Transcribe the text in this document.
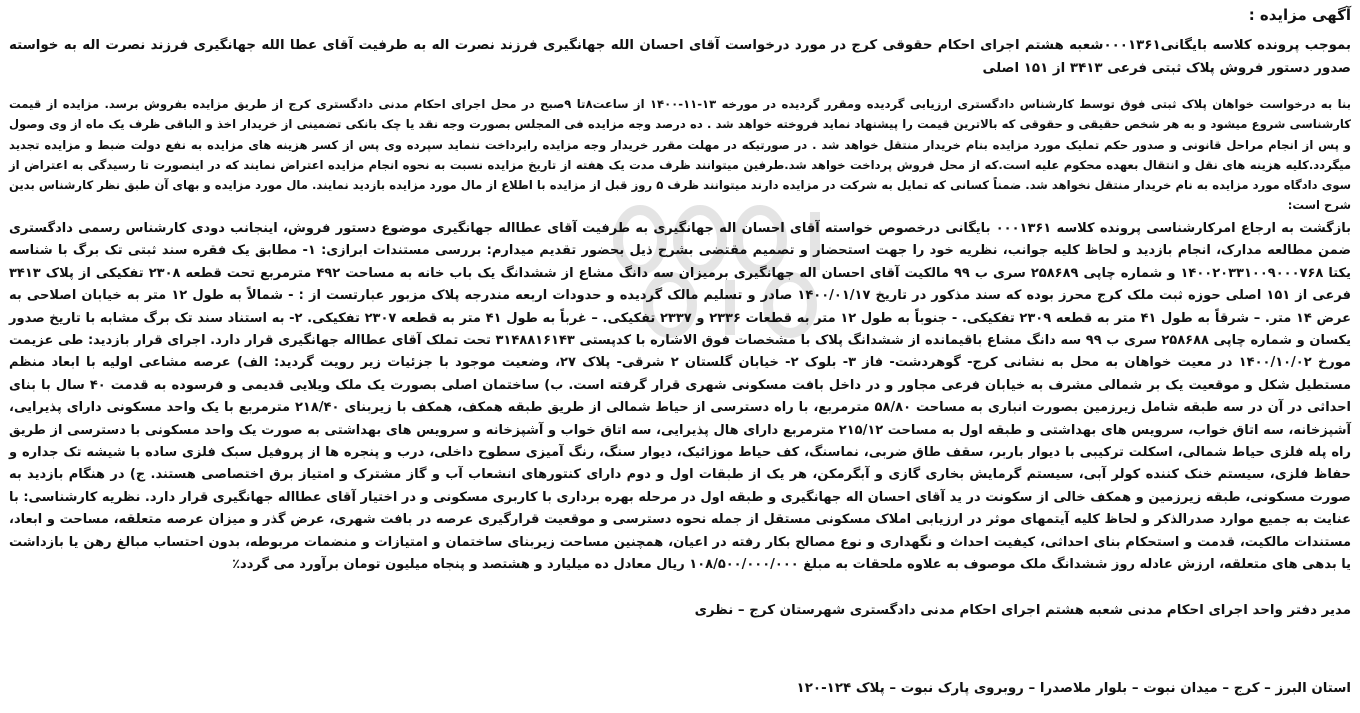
آگهی مزایده :

بموجب پرونده کلاسه بایگانی۰۰۰۱۳۶۱شعبه هشتم اجرای احکام حقوقی کرج در مورد درخواست آقای احسان الله جهانگیری فرزند نصرت اله به طرفیت آقای عطا الله جهانگیری فرزند نصرت اله به خواسته صدور دستور فروش پلاک ثبتی فرعی ۳۴۱۳ از ۱۵۱ اصلی

بنا به درخواست خواهان پلاک ثبتی فوق توسط کارشناس دادگستری ارزیابی گردیده ومقرر گردیده در مورخه ۱۳-۱۱-۱۴۰۰ از ساعت۸تا ۹صبح در محل اجرای احکام مدنی دادگستری کرج از طریق مزایده بفروش برسد. مزایده از قیمت کارشناسی شروع میشود و به هر شخص حقیقی و حقوقی که بالاترین قیمت را پیشنهاد نماید فروخته خواهد شد . ده درصد وجه مزایده فی المجلس بصورت وجه نقد یا چک بانکی تضمینی از خریدار اخذ و الباقی ظرف یک ماه از وی وصول و پس از انجام مراحل قانونی و صدور حکم تملیک مورد مزایده بنام خریدار منتقل خواهد شد . در صورتیکه در مهلت مقرر خریدار وجه مزایده رابرداخت ننماید سپرده وی پس از کسر هزینه های مزایده به نفع دولت ضبط و مزایده تجدید میگردد.کلیه هزینه های نقل و انتقال بعهده محکوم علیه است.که از محل فروش پرداخت خواهد شد.طرفین میتوانند ظرف مدت یک هفته از تاریخ مزایده نسبت به نحوه انجام مزایده اعتراض نمایند که در اینصورت تا رسیدگی به اعتراض از سوی دادگاه مورد مزایده به نام خریدار منتقل نخواهد شد. ضمناً کسانی که تمایل به شرکت در مزایده دارند میتوانند ظرف ۵ روز قبل از مزایده با اطلاع از مال مورد مزایده بازدید نمایند. مال مورد مزایده و بهای آن طبق نظر کارشناس بدین شرح است:

بازگشت به ارجاع امرکارشناسی پرونده کلاسه ۰۰۰۱۳۶۱ بایگانی درخصوص خواسته آقای احسان اله جهانگیری به طرفیت آقای عطااله جهانگیری موضوع دستور فروش، اینجانب دودی کارشناس رسمی دادگستری ضمن مطالعه مدارک، انجام بازدید و لحاظ کلیه جوانب، نظریه خود را جهت استحضار و تصمیم مقتضی بشرح ذیل بحضور تقدیم میدارم: بررسی مستندات ابرازی: ۱- مطابق یک فقره سند ثبتی تک برگ با شناسه یکتا ۱۴۰۰۲۰۳۳۱۰۰۹۰۰۰۷۶۸ و شماره چاپی ۲۵۸۶۸۹ سری ب ۹۹ مالکیت آقای احسان اله جهانگیری برمیزان سه دانگ مشاع از ششدانگ یک باب خانه به مساحت ۴۹۲ مترمربع تحت قطعه ۲۳۰۸ تفکیکی از پلاک ۳۴۱۳ فرعی از ۱۵۱ اصلی حوزه ثبت ملک کرج محرز بوده که سند مذکور در تاریخ ۱۴۰۰/۰۱/۱۷ صادر و تسلیم مالک گردیده و حدودات اربعه مندرجه پلاک مزبور عبارتست از : - شمالاً به طول ۱۲ متر به خیابان اصلاحی به عرض ۱۴ متر. – شرقاً به طول ۴۱ متر به قطعه ۲۳۰۹ تفکیکی. - جنوباً به طول ۱۲ متر به قطعات ۲۳۳۶ و ۲۳۳۷ تفکیکی. – غرباً به طول ۴۱ متر به قطعه ۲۳۰۷ تفکیکی. ۲- به استناد سند تک برگ مشابه با تاریخ صدور یکسان و شماره چاپی ۲۵۸۶۸۸ سری ب ۹۹ سه دانگ مشاع باقیمانده از ششدانگ پلاک با مشخصات فوق الاشاره با کدپستی ۳۱۴۸۸۱۶۱۴۳ تحت تملک آقای عطااله جهانگیری قرار دارد. اجرای قرار بازدید: طی عزیمت مورخ ۱۴۰۰/۱۰/۰۲ در معیت خواهان به محل به نشانی کرج- گوهردشت- فاز ۳- بلوک ۲- خیابان گلستان ۲ شرقی- پلاک ۲۷، وضعیت موجود با جزئیات زیر رویت گردید: الف) عرصه مشاعی اولیه با ابعاد منظم مستطیل شکل و موقعیت یک بر شمالی مشرف به خیابان فرعی مجاور و در داخل بافت مسکونی شهری قرار گرفته است. ب) ساختمان اصلی بصورت یک ملک ویلایی قدیمی و فرسوده به قدمت ۴۰ سال با بنای احداثی در آن در سه طبقه شامل زیرزمین بصورت انباری به مساحت ۵۸/۸۰ مترمربع، با راه دسترسی از حیاط شمالی از طریق طبقه همکف، همکف با زیربنای ۲۱۸/۴۰ مترمربع با یک واحد مسکونی دارای پذیرایی، آشپزخانه، سه اتاق خواب، سرویس های بهداشتی و طبقه اول به مساحت ۲۱۵/۱۲ مترمربع دارای هال پذیرایی، سه اتاق خواب و آشپزخانه و سرویس های بهداشتی به صورت یک واحد مسکونی با دسترسی از طریق راه پله فلزی حیاط شمالی، اسکلت ترکیبی با دیوار باربر، سقف طاق ضربی، نماسنگ، کف حیاط موزائیک، دیوار سنگ، رنگ آمیزی سطوح داخلی، درب و پنجره ها از پروفیل سبک فلزی ساده با شیشه تک جداره و حفاظ فلزی، سیستم خنک کننده کولر آبی، سیستم گرمایش بخاری گازی و آبگرمکن، هر یک از طبقات اول و دوم دارای کنتورهای انشعاب آب و گاز مشترک و امتیاز برق اختصاصی هستند. ج) در هنگام بازدید به صورت مسکونی، طبقه زیرزمین و همکف خالی از سکونت در ید آقای احسان اله جهانگیری و طبقه اول در مرحله بهره برداری با کاربری مسکونی و در اختیار آقای عطااله جهانگیری قرار دارد. نظریه کارشناسی: با عنایت به جمیع موارد صدرالذکر و لحاظ کلیه آیتمهای موثر در ارزیابی املاک مسکونی مستقل از جمله نحوه دسترسی و موقعیت قرارگیری عرصه در بافت شهری، عرض گذر و میزان عرصه متعلقه، مساحت و ابعاد، مستندات مالکیت، قدمت و استحکام بنای احداثی، کیفیت احداث و نگهداری و نوع مصالح بکار رفته در اعیان، همچنین مساحت زیربنای ساختمان و امتیازات و منضمات مربوطه، بدون احتساب مبالغ رهن یا بازداشت یا بدهی های متعلقه، ارزش عادله روز ششدانگ ملک موصوف به علاوه ملحقات به مبلغ ۱۰۸/۵۰۰/۰۰۰/۰۰۰ ریال معادل ده میلیارد و هشتصد و پنجاه میلیون تومان برآورد می گردد٪

مدیر دفتر واحد اجرای احکام مدنی شعبه هشتم اجرای احکام مدنی دادگستری شهرستان کرج – نظری

استان البرز – کرج – میدان نبوت – بلوار ملاصدرا – روبروی پارک نبوت – پلاک ۱۲۴-۱۲۰
